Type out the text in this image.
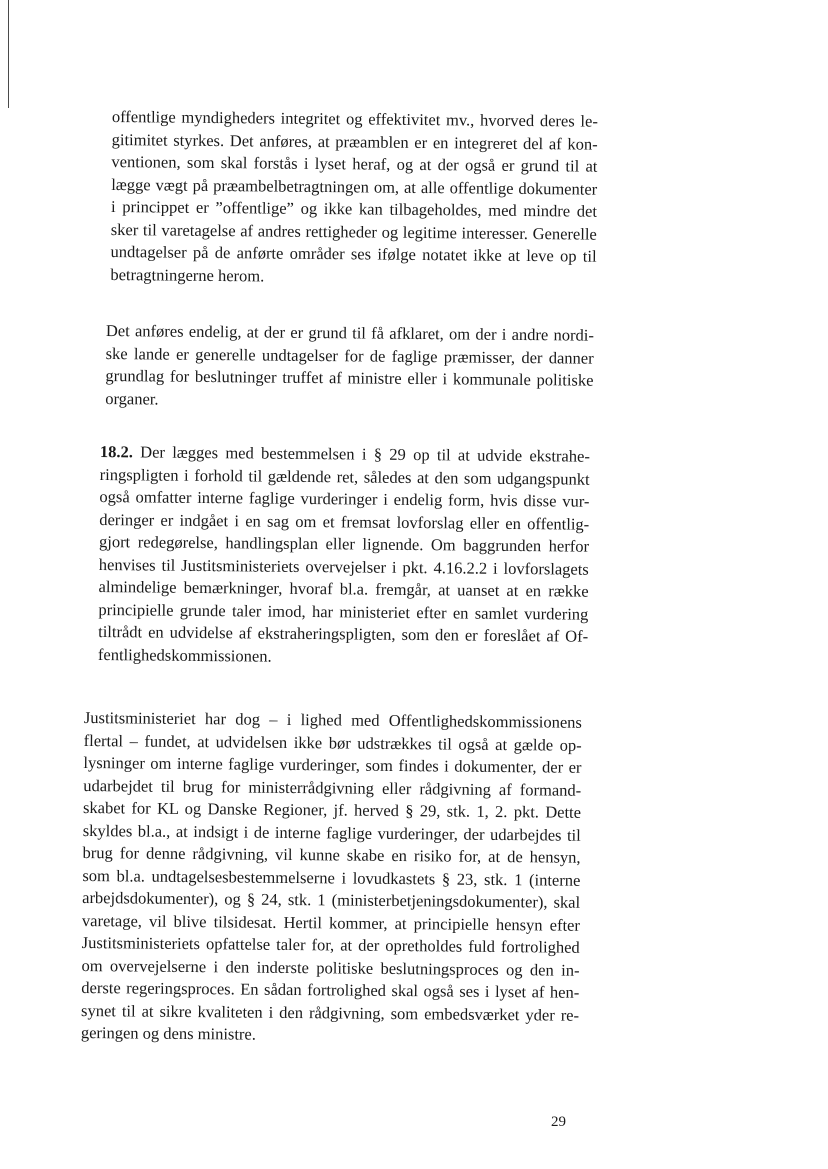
offentlige myndigheders integritet og effektivitet mv., hvorved deres le-
gitimitet styrkes. Det anføres, at præamblen er en integreret del af kon-
ventionen, som skal forstås i lyset heraf, og at der også er grund til at
lægge vægt på præambelbetragtningen om, at alle offentlige dokumenter
i princippet er ”offentlige” og ikke kan tilbageholdes, med mindre det
sker til varetagelse af andres rettigheder og legitime interesser. Generelle
undtagelser på de anførte områder ses ifølge notatet ikke at leve op til
betragtningerne herom.
Det anføres endelig, at der er grund til få afklaret, om der i andre nordi-
ske lande er generelle undtagelser for de faglige præmisser, der danner
grundlag for beslutninger truffet af ministre eller i kommunale politiske
organer.
18.2. Der lægges med bestemmelsen i § 29 op til at udvide ekstrahe-
ringspligten i forhold til gældende ret, således at den som udgangspunkt
også omfatter interne faglige vurderinger i endelig form, hvis disse vur-
deringer er indgået i en sag om et fremsat lovforslag eller en offentlig-
gjort redegørelse, handlingsplan eller lignende. Om baggrunden herfor
henvises til Justitsministeriets overvejelser i pkt. 4.16.2.2 i lovforslagets
almindelige bemærkninger, hvoraf bl.a. fremgår, at uanset at en række
principielle grunde taler imod, har ministeriet efter en samlet vurdering
tiltrådt en udvidelse af ekstraheringspligten, som den er foreslået af Of-
fentlighedskommissionen.
Justitsministeriet har dog – i lighed med Offentlighedskommissionens
flertal – fundet, at udvidelsen ikke bør udstrækkes til også at gælde op-
lysninger om interne faglige vurderinger, som findes i dokumenter, der er
udarbejdet til brug for ministerrådgivning eller rådgivning af formand-
skabet for KL og Danske Regioner, jf. herved § 29, stk. 1, 2. pkt. Dette
skyldes bl.a., at indsigt i de interne faglige vurderinger, der udarbejdes til
brug for denne rådgivning, vil kunne skabe en risiko for, at de hensyn,
som bl.a. undtagelsesbestemmelserne i lovudkastets § 23, stk. 1 (interne
arbejdsdokumenter), og § 24, stk. 1 (ministerbetjeningsdokumenter), skal
varetage, vil blive tilsidesat. Hertil kommer, at principielle hensyn efter
Justitsministeriets opfattelse taler for, at der opretholdes fuld fortrolighed
om overvejelserne i den inderste politiske beslutningsproces og den in-
derste regeringsproces. En sådan fortrolighed skal også ses i lyset af hen-
synet til at sikre kvaliteten i den rådgivning, som embedsværket yder re-
geringen og dens ministre.
29
